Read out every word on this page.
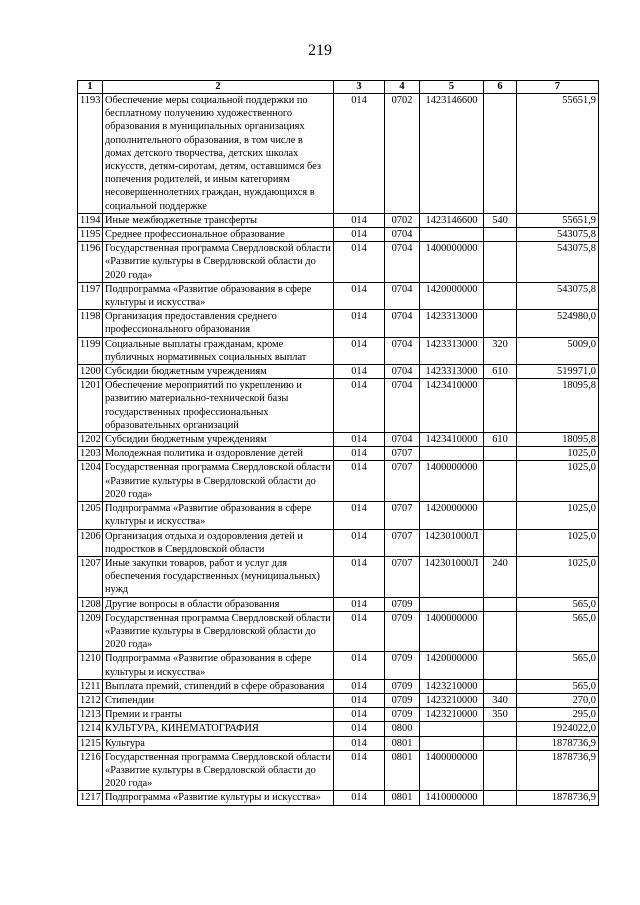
219
1	2	3	4	5	6	7
1193	Обеспечение меры социальной поддержки по бесплатному получению художественного образования в муниципальных организациях дополнительного образования, в том числе в домах детского творчества, детских школах искусств, детям-сиротам, детям, оставшимся без попечения родителей, и иным категориям несовершеннолетних граждан, нуждающихся в социальной поддержке	014	0702	1423146600		55651,9
1194	Иные межбюджетные трансферты	014	0702	1423146600	540	55651,9
1195	Среднее профессиональное образование	014	0704			543075,8
1196	Государственная программа Свердловской области «Развитие культуры в Свердловской области до 2020 года»	014	0704	1400000000		543075,8
1197	Подпрограмма «Развитие образования в сфере культуры и искусства»	014	0704	1420000000		543075,8
1198	Организация предоставления среднего профессионального образования	014	0704	1423313000		524980,0
1199	Социальные выплаты гражданам, кроме публичных нормативных социальных выплат	014	0704	1423313000	320	5009,0
1200	Субсидии бюджетным учреждениям	014	0704	1423313000	610	519971,0
1201	Обеспечение мероприятий по укреплению и развитию материально-технической базы государственных профессиональных образовательных организаций	014	0704	1423410000		18095,8
1202	Субсидии бюджетным учреждениям	014	0704	1423410000	610	18095,8
1203	Молодежная политика и оздоровление детей	014	0707			1025,0
1204	Государственная программа Свердловской области «Развитие культуры в Свердловской области до 2020 года»	014	0707	1400000000		1025,0
1205	Подпрограмма «Развитие образования в сфере культуры и искусства»	014	0707	1420000000		1025,0
1206	Организация отдыха и оздоровления детей и подростков в Свердловской области	014	0707	142301000Л		1025,0
1207	Иные закупки товаров, работ и услуг для обеспечения государственных (муниципальных) нужд	014	0707	142301000Л	240	1025,0
1208	Другие вопросы в области образования	014	0709			565,0
1209	Государственная программа Свердловской области «Развитие культуры в Свердловской области до 2020 года»	014	0709	1400000000		565,0
1210	Подпрограмма «Развитие образования в сфере культуры и искусства»	014	0709	1420000000		565,0
1211	Выплата премий, стипендий в сфере образования	014	0709	1423210000		565,0
1212	Стипендии	014	0709	1423210000	340	270,0
1213	Премии и гранты	014	0709	1423210000	350	295,0
1214	КУЛЬТУРА, КИНЕМАТОГРАФИЯ	014	0800			1924022,0
1215	Культура	014	0801			1878736,9
1216	Государственная программа Свердловской области «Развитие культуры в Свердловской области до 2020 года»	014	0801	1400000000		1878736,9
1217	Подпрограмма «Развитие культуры и искусства»	014	0801	1410000000		1878736,9
